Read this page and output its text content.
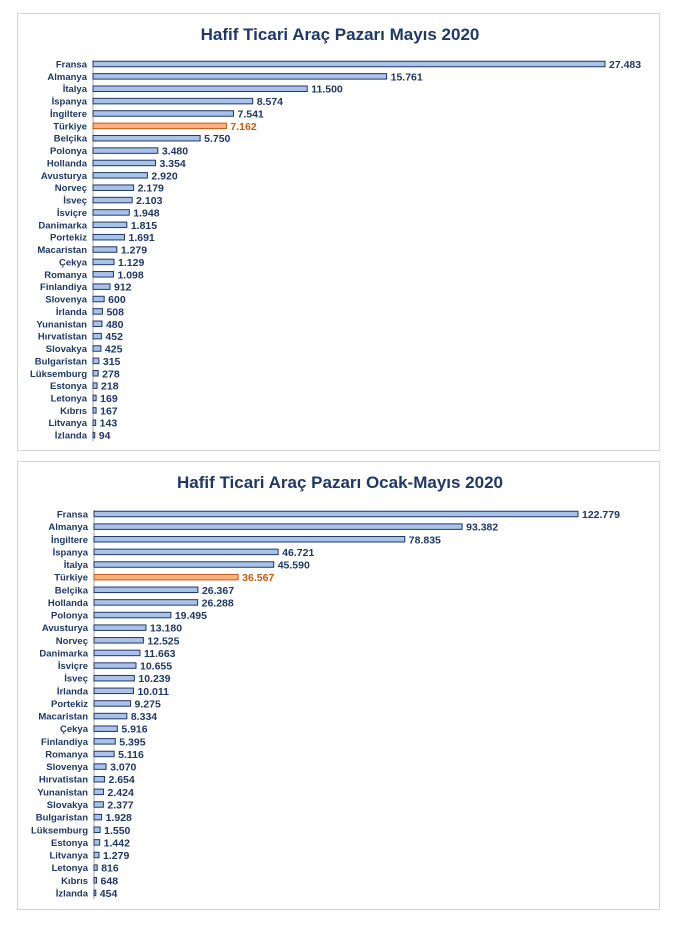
Hafif Ticari Araç Pazarı Mayıs 2020
Fransa	27.483
Almanya	15.761
İtalya	11.500
İspanya	8.574
İngiltere	7.541
Türkiye	7.162
Belçika	5.750
Polonya	3.480
Hollanda	3.354
Avusturya	2.920
Norveç	2.179
İsveç	2.103
İsviçre	1.948
Danimarka	1.815
Portekiz	1.691
Macaristan	1.279
Çekya	1.129
Romanya	1.098
Finlandiya	912
Slovenya 600
İrlanda 508
Yunanistan 480
Hırvatistan 452
Slovakya 425
Bulgaristan 315
Lüksemburg 278
Estonya 218
Letonya 169
Kıbrıs 167
Litvanya 143
İzlanda 94
Hafif Ticari Araç Pazarı Ocak-Mayıs 2020
Fransa	122.779
Almanya	93.382
İngiltere	78.835
İspanya	46.721
İtalya	45.590
Türkiye	36.567
Belçika	26.367
Hollanda	26.288
Polonya	19.495
Avusturya	13.180
Norveç	12.525
Danimarka	11.663
İsviçre	10.655
İsveç	10.239
İrlanda	10.011
Portekiz	9.275
Macaristan	8.334
Çekya	5.916
Finlandiya	5.395
Romanya	5.116
Slovenya 3.070
Hırvatistan 2.654
Yunanistan 2.424
Slovakya 2.377
Bulgaristan 1.928
Lüksemburg 1.550
Estonya 1.442
Litvanya 1.279
Letonya 816
Kıbrıs 648
İzlanda 454
